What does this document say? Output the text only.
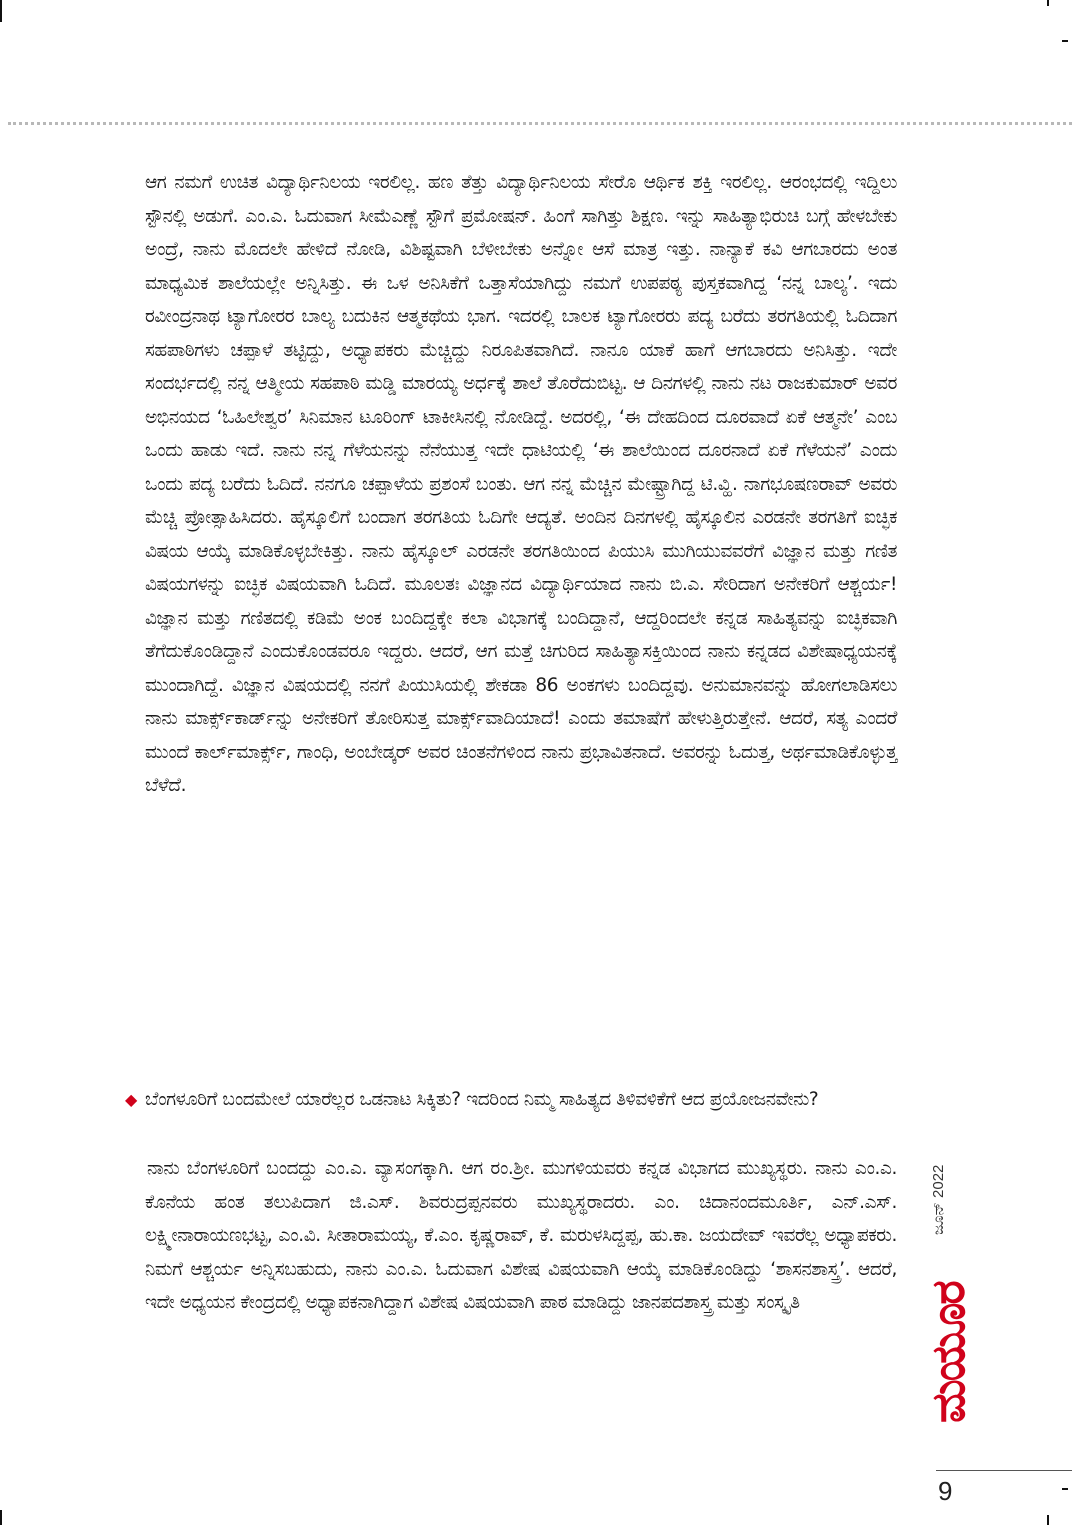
ಆಗ ನಮಗೆ ಉಚಿತ ವಿದ್ಯಾರ್ಥಿನಿಲಯ ಇರಲಿಲ್ಲ. ಹಣ ತೆತ್ತು ವಿದ್ಯಾರ್ಥಿನಿಲಯ ಸೇರೊ ಆರ್ಥಿಕ ಶಕ್ತಿ ಇರಲಿಲ್ಲ. ಆರಂಭದಲ್ಲಿ ಇದ್ದಿಲು ಸ್ಟೌನಲ್ಲಿ ಅಡುಗೆ. ಎಂ.ಎ. ಓದುವಾಗ ಸೀಮೆಎಣ್ಣೆ ಸ್ಟೌಗೆ ಪ್ರಮೋಷನ್. ಹಿಂಗೆ ಸಾಗಿತ್ತು ಶಿಕ್ಷಣ. ಇನ್ನು ಸಾಹಿತ್ಯಾಭಿರುಚಿ ಬಗ್ಗೆ ಹೇಳಬೇಕು ಅಂದ್ರೆ, ನಾನು ಮೊದಲೇ ಹೇಳಿದೆ ನೋಡಿ, ವಿಶಿಷ್ಟವಾಗಿ ಬೆಳೀಬೇಕು ಅನ್ನೋ ಆಸೆ ಮಾತ್ರ ಇತ್ತು. ನಾನ್ಯಾಕೆ ಕವಿ ಆಗಬಾರದು ಅಂತ ಮಾಧ್ಯಮಿಕ ಶಾಲೆಯಲ್ಲೇ ಅನ್ನಿಸಿತ್ತು. ಈ ಒಳ ಅನಿಸಿಕೆಗೆ ಒತ್ತಾಸೆಯಾಗಿದ್ದು ನಮಗೆ ಉಪಪಠ್ಯ ಪುಸ್ತಕವಾಗಿದ್ದ ‘ನನ್ನ ಬಾಲ್ಯ’. ಇದು ರವೀಂದ್ರನಾಥ ಟ್ಯಾಗೋರರ ಬಾಲ್ಯ ಬದುಕಿನ ಆತ್ಮಕಥೆಯ ಭಾಗ. ಇದರಲ್ಲಿ ಬಾಲಕ ಟ್ಯಾಗೋರರು ಪದ್ಯ ಬರೆದು ತರಗತಿಯಲ್ಲಿ ಓದಿದಾಗ ಸಹಪಾಠಿಗಳು ಚಪ್ಪಾಳೆ ತಟ್ಟಿದ್ದು, ಅಧ್ಯಾಪಕರು ಮೆಚ್ಚಿದ್ದು ನಿರೂಪಿತವಾಗಿದೆ. ನಾನೂ ಯಾಕೆ ಹಾಗೆ ಆಗಬಾರದು ಅನಿಸಿತ್ತು. ಇದೇ ಸಂದರ್ಭದಲ್ಲಿ ನನ್ನ ಆತ್ಮೀಯ ಸಹಪಾಠಿ ಮಡ್ಡಿ ಮಾರಯ್ಯ ಅರ್ಧಕ್ಕೆ ಶಾಲೆ ತೊರೆದುಬಿಟ್ಟ. ಆ ದಿನಗಳಲ್ಲಿ ನಾನು ನಟ ರಾಜಕುಮಾರ್ ಅವರ ಅಭಿನಯದ ‘ಓಹಿಲೇಶ್ವರ’ ಸಿನಿಮಾನ ಟೂರಿಂಗ್ ಟಾಕೀಸಿನಲ್ಲಿ ನೋಡಿದ್ದೆ. ಅದರಲ್ಲಿ, ‘ಈ ದೇಹದಿಂದ ದೂರವಾದೆ ಏಕೆ ಆತ್ಮನೇ’ ಎಂಬ ಒಂದು ಹಾಡು ಇದೆ. ನಾನು ನನ್ನ ಗೆಳೆಯನನ್ನು ನೆನೆಯುತ್ತ ಇದೇ ಧಾಟಿಯಲ್ಲಿ ‘ಈ ಶಾಲೆಯಿಂದ ದೂರನಾದೆ ಏಕೆ ಗೆಳೆಯನೆ’ ಎಂದು ಒಂದು ಪದ್ಯ ಬರೆದು ಓದಿದೆ. ನನಗೂ ಚಪ್ಪಾಳೆಯ ಪ್ರಶಂಸೆ ಬಂತು. ಆಗ ನನ್ನ ಮೆಚ್ಚಿನ ಮೇಷ್ಟ್ರಾಗಿದ್ದ ಟಿ.ವ್ಹಿ. ನಾಗಭೂಷಣರಾವ್ ಅವರು ಮೆಚ್ಚಿ ಪ್ರೋತ್ಸಾಹಿಸಿದರು. ಹೈಸ್ಕೂಲಿಗೆ ಬಂದಾಗ ತರಗತಿಯ ಓದಿಗೇ ಆದ್ಯತೆ. ಅಂದಿನ ದಿನಗಳಲ್ಲಿ ಹೈಸ್ಕೂಲಿನ ಎರಡನೇ ತರಗತಿಗೆ ಐಚ್ಛಿಕ ವಿಷಯ ಆಯ್ಕೆ ಮಾಡಿಕೊಳ್ಳಬೇಕಿತ್ತು. ನಾನು ಹೈಸ್ಕೂಲ್ ಎರಡನೇ ತರಗತಿಯಿಂದ ಪಿಯುಸಿ ಮುಗಿಯುವವರೆಗೆ ವಿಜ್ಞಾನ ಮತ್ತು ಗಣಿತ ವಿಷಯಗಳನ್ನು ಐಚ್ಛಿಕ ವಿಷಯವಾಗಿ ಓದಿದೆ. ಮೂಲತಃ ವಿಜ್ಞಾನದ ವಿದ್ಯಾರ್ಥಿಯಾದ ನಾನು ಬಿ.ಎ. ಸೇರಿದಾಗ ಅನೇಕರಿಗೆ ಆಶ್ಚರ್ಯ! ವಿಜ್ಞಾನ ಮತ್ತು ಗಣಿತದಲ್ಲಿ ಕಡಿಮೆ ಅಂಕ ಬಂದಿದ್ದಕ್ಕೇ ಕಲಾ ವಿಭಾಗಕ್ಕೆ ಬಂದಿದ್ದಾನೆ, ಆದ್ದರಿಂದಲೇ ಕನ್ನಡ ಸಾಹಿತ್ಯವನ್ನು ಐಚ್ಛಿಕವಾಗಿ ತೆಗೆದುಕೊಂಡಿದ್ದಾನೆ ಎಂದುಕೊಂಡವರೂ ಇದ್ದರು. ಆದರೆ, ಆಗ ಮತ್ತೆ ಚಿಗುರಿದ ಸಾಹಿತ್ಯಾಸಕ್ತಿಯಿಂದ ನಾನು ಕನ್ನಡದ ವಿಶೇಷಾಧ್ಯಯನಕ್ಕೆ ಮುಂದಾಗಿದ್ದೆ. ವಿಜ್ಞಾನ ವಿಷಯದಲ್ಲಿ ನನಗೆ ಪಿಯುಸಿಯಲ್ಲಿ ಶೇಕಡಾ 86 ಅಂಕಗಳು ಬಂದಿದ್ದವು. ಅನುಮಾನವನ್ನು ಹೋಗಲಾಡಿಸಲು ನಾನು ಮಾರ್ಕ್ಸ್‌ಕಾರ್ಡ್‌ನ್ನು ಅನೇಕರಿಗೆ ತೋರಿಸುತ್ತ ಮಾರ್ಕ್ಸ್‌ವಾದಿಯಾದೆ! ಎಂದು ತಮಾಷೆಗೆ ಹೇಳುತ್ತಿರುತ್ತೇನೆ. ಆದರೆ, ಸತ್ಯ ಎಂದರೆ ಮುಂದೆ ಕಾರ್ಲ್‌ಮಾರ್ಕ್ಸ್, ಗಾಂಧಿ, ಅಂಬೇಡ್ಕರ್ ಅವರ ಚಿಂತನೆಗಳಿಂದ ನಾನು ಪ್ರಭಾವಿತನಾದೆ. ಅವರನ್ನು ಓದುತ್ತ, ಅರ್ಥಮಾಡಿಕೊಳ್ಳುತ್ತ ಬೆಳೆದೆ.

◆ ಬೆಂಗಳೂರಿಗೆ ಬಂದಮೇಲೆ ಯಾರೆಲ್ಲರ ಒಡನಾಟ ಸಿಕ್ಕಿತು? ಇದರಿಂದ ನಿಮ್ಮ ಸಾಹಿತ್ಯದ ತಿಳಿವಳಿಕೆಗೆ ಆದ ಪ್ರಯೋಜನವೇನು?
ನಾನು ಬೆಂಗಳೂರಿಗೆ ಬಂದದ್ದು ಎಂ.ಎ. ವ್ಯಾಸಂಗಕ್ಕಾಗಿ. ಆಗ ರಂ.ಶ್ರೀ. ಮುಗಳಿಯವರು ಕನ್ನಡ ವಿಭಾಗದ ಮುಖ್ಯಸ್ಥರು. ನಾನು ಎಂ.ಎ. ಕೊನೆಯ ಹಂತ ತಲುಪಿದಾಗ ಜಿ.ಎಸ್. ಶಿವರುದ್ರಪ್ಪನವರು ಮುಖ್ಯಸ್ಥರಾದರು. ಎಂ. ಚಿದಾನಂದಮೂರ್ತಿ, ಎನ್.ಎಸ್. ಲಕ್ಷ್ಮೀನಾರಾಯಣಭಟ್ಟ, ಎಂ.ವಿ. ಸೀತಾರಾಮಯ್ಯ, ಕೆ.ಎಂ. ಕೃಷ್ಣರಾವ್, ಕೆ. ಮರುಳಸಿದ್ದಪ್ಪ, ಹು.ಕಾ. ಜಯದೇವ್ ಇವರೆಲ್ಲ ಅಧ್ಯಾಪಕರು. ನಿಮಗೆ ಆಶ್ಚರ್ಯ ಅನ್ನಿಸಬಹುದು, ನಾನು ಎಂ.ಎ. ಓದುವಾಗ ವಿಶೇಷ ವಿಷಯವಾಗಿ ಆಯ್ಕೆ ಮಾಡಿಕೊಂಡಿದ್ದು ‘ಶಾಸನಶಾಸ್ತ್ರ’. ಆದರೆ, ಇದೇ ಅಧ್ಯಯನ ಕೇಂದ್ರದಲ್ಲಿ ಅಧ್ಯಾಪಕನಾಗಿದ್ದಾಗ ವಿಶೇಷ ವಿಷಯವಾಗಿ ಪಾಠ ಮಾಡಿದ್ದು ಜಾನಪದಶಾಸ್ತ್ರ ಮತ್ತು ಸಂಸ್ಕೃತಿ
ಜೂನ್ 2022
ಮಯೂರ
9
